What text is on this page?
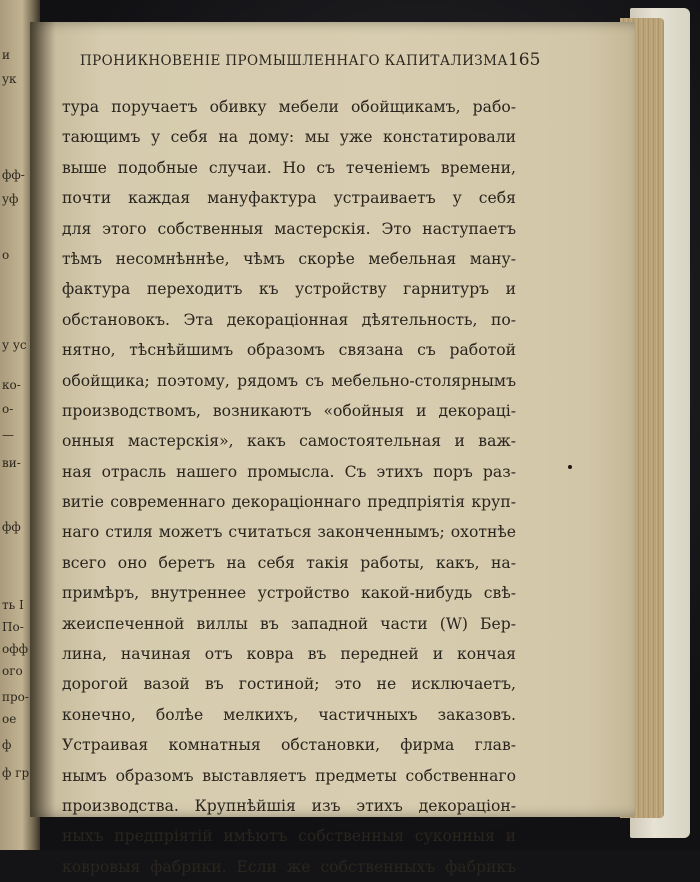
и
ук
фф-
уф
о
у ус
ко-
о-
—
ви-
фф
ть I
По-
офф
ого
про-
ое
ф
ф гр
ПРОНИКНОВЕНIЕ ПРОМЫШЛЕННАГО КАПИТАЛИЗМА 165
тура поручаетъ обивку мебели обойщикамъ, рабо-
тающимъ у себя на дому: мы уже констатировали
выше подобные случаи. Но съ теченiемъ времени,
почти каждая мануфактура устраиваетъ у себя
для этого собственныя мастерскiя. Это наступаетъ
тѣмъ несомнѣннѣе, чѣмъ скорѣе мебельная ману-
фактура переходитъ къ устройству гарнитуръ и
обстановокъ. Эта декорацiонная дѣятельность, по-
нятно, тѣснѣйшимъ образомъ связана съ работой
обойщика; поэтому, рядомъ съ мебельно-столярнымъ
производствомъ, возникаютъ «обойныя и декорацi-
онныя мастерскiя», какъ самостоятельная и важ-
ная отрасль нашего промысла. Съ этихъ поръ раз-
витiе современнаго декорацiоннаго предпрiятiя круп-
наго стиля можетъ считаться законченнымъ; охотнѣе
всего оно беретъ на себя такiя работы, какъ, на-
примѣръ, внутреннее устройство какой-нибудь свѣ-
жеиспеченной виллы въ западной части (W) Бер-
лина, начиная отъ ковра въ передней и кончая
дорогой вазой въ гостиной; это не исключаетъ,
конечно, болѣе мелкихъ, частичныхъ заказовъ.
Устраивая комнатныя обстановки, фирма глав-
нымъ образомъ выставляетъ предметы собственнаго
производства. Крупнѣйшiя изъ этихъ декорацiон-
ныхъ предпрiятiй имѣютъ собственныя суконныя и
ковровыя фабрики. Если же собственныхъ фабрикъ
